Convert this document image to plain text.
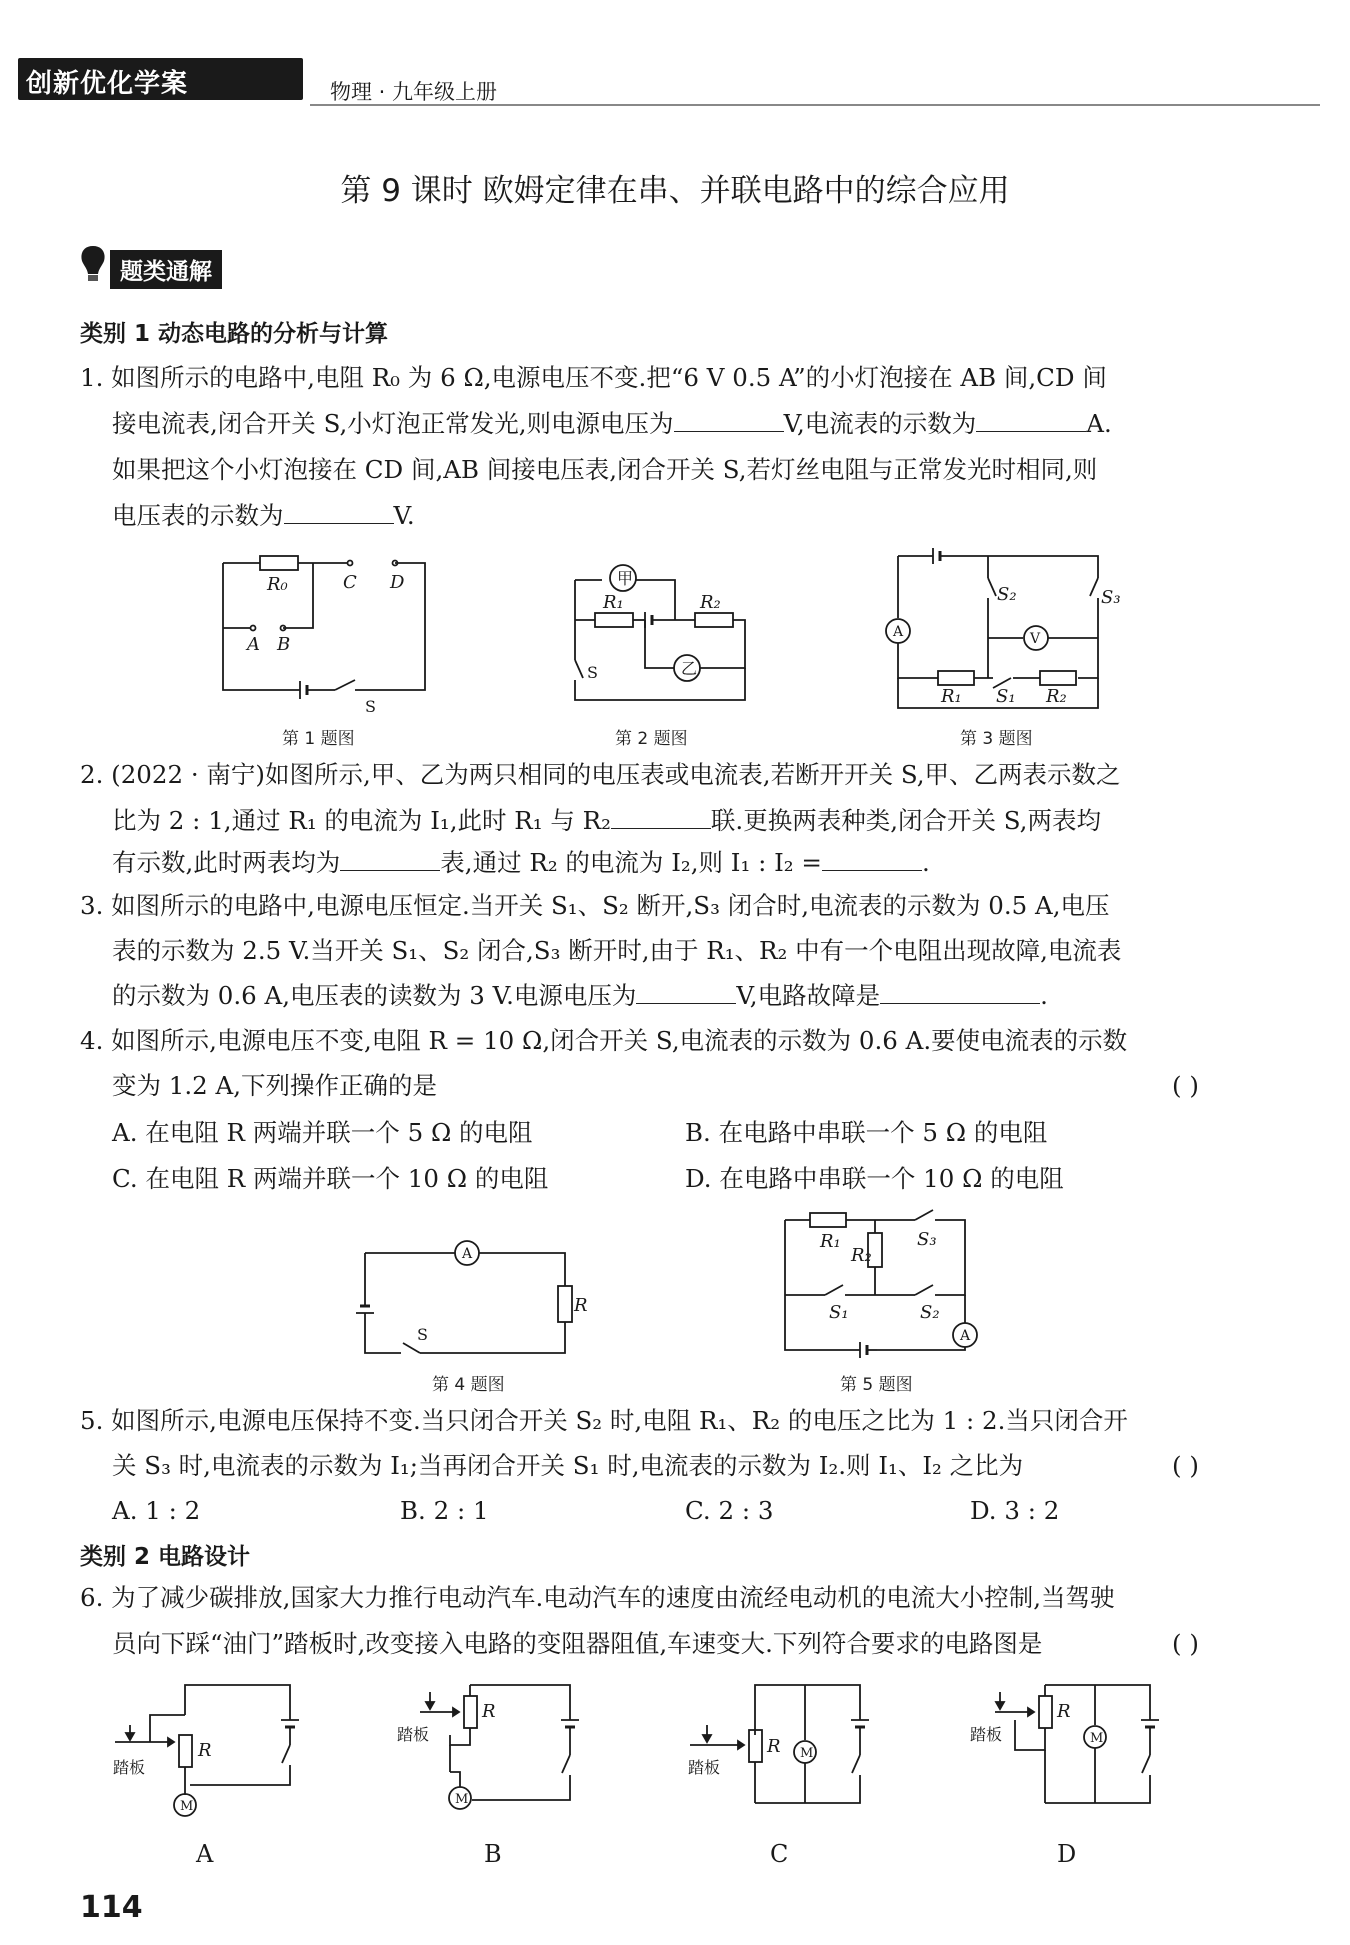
创新优化学案	物理 · 九年级上册
第 9 课时 欧姆定律在串、并联电路中的综合应用
题类通解
类别 1 动态电路的分析与计算
1. 如图所示的电路中,电阻 R₀ 为 6 Ω,电源电压不变.把“6 V 0.5 A”的小灯泡接在 AB 间,CD 间
接电流表,闭合开关 S,小灯泡正常发光,则电源电压为	V,电流表的示数为	A.
如果把这个小灯泡接在 CD 间,AB 间接电压表,闭合开关 S,若灯丝电阻与正常发光时相同,则
电压表的示数为	V.
R₀	C D
A B
S
第 1 题图
甲
乙
R₁	R₂
S
第 2 题图
A	V
S₂	S₃
R₁ S₁ R₂
第 3 题图
2. (2022 · 南宁)如图所示,甲、乙为两只相同的电压表或电流表,若断开开关 S,甲、乙两表示数之
比为 2 : 1,通过 R₁ 的电流为 I₁,此时 R₁ 与 R₂	联.更换两表种类,闭合开关 S,两表均
有示数,此时两表均为	表,通过 R₂ 的电流为 I₂,则 I₁ : I₂ =	.
3. 如图所示的电路中,电源电压恒定.当开关 S₁、S₂ 断开,S₃ 闭合时,电流表的示数为 0.5 A,电压
表的示数为 2.5 V.当开关 S₁、S₂ 闭合,S₃ 断开时,由于 R₁、R₂ 中有一个电阻出现故障,电流表
的示数为 0.6 A,电压表的读数为 3 V.电源电压为	V,电路故障是	.
4. 如图所示,电源电压不变,电阻 R = 10 Ω,闭合开关 S,电流表的示数为 0.6 A.要使电流表的示数
变为 1.2 A,下列操作正确的是	( )
A. 在电阻 R 两端并联一个 5 Ω 的电阻	B. 在电路中串联一个 5 Ω 的电阻
C. 在电阻 R 两端并联一个 10 Ω 的电阻	D. 在电路中串联一个 10 Ω 的电阻
A
R
S
第 4 题图
R₁
R₂
S₃
S₁	S₂
A
第 5 题图
5. 如图所示,电源电压保持不变.当只闭合开关 S₂ 时,电阻 R₁、R₂ 的电压之比为 1 : 2.当只闭合开
关 S₃ 时,电流表的示数为 I₁;当再闭合开关 S₁ 时,电流表的示数为 I₂.则 I₁、I₂ 之比为	( )
A. 1 : 2	B. 2 : 1	C. 2 : 3	D. 3 : 2
类别 2 电路设计
6. 为了减少碳排放,国家大力推行电动汽车.电动汽车的速度由流经电动机的电流大小控制,当驾驶
员向下踩“油门”踏板时,改变接入电路的变阻器阻值,车速变大.下列符合要求的电路图是	( )
M
R
踏板
A
M
R
踏板
B
M
R
踏板
C
M
R
踏板
D
114
